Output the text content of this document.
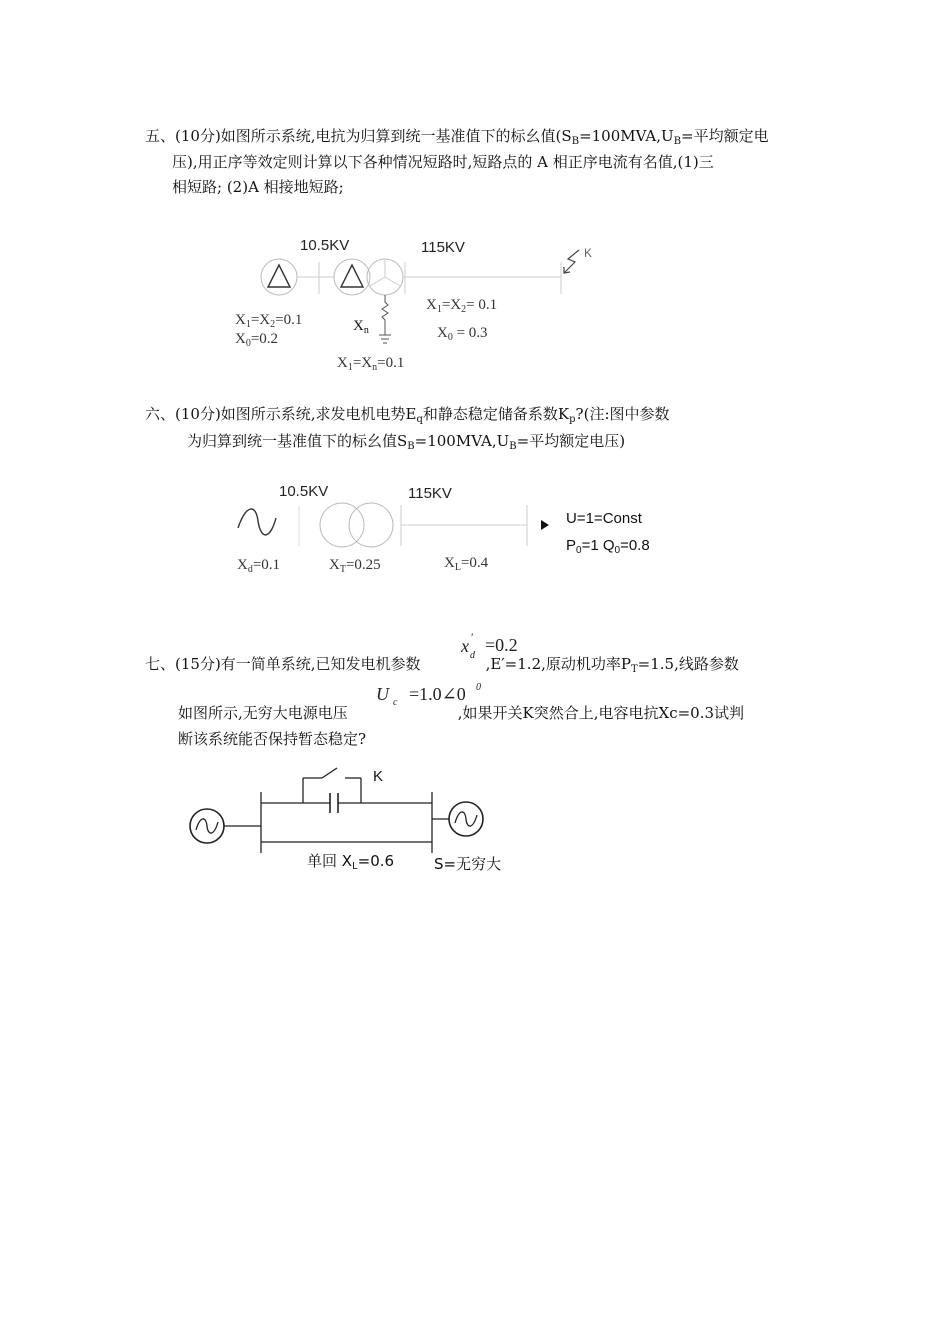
五、(10分)如图所示系统,电抗为归算到统一基准值下的标幺值($S_B=100MVA,U_B=$平均额定电
压),用正序等效定则计算以下各种情况短路时,短路点的 A 相正序电流有名值,(1)三
相短路; (2)A 相接地短路;
10.5KV	115KV	K
$X_1=X_2=0.1$
$X_0=0.2$
$X_n$
$X_1=X_n=0.1$
$X_1=X_2= 0.1$
$X_0 = 0.3$
六、(10分)如图所示系统,求发电机电势$E_q$和静态稳定储备系数$K_p$?(注:图中参数
为归算到统一基准值下的标幺值$S_B=100MVA,U_B=$平均额定电压)
10.5KV	115KV
U=1=Const
$P_0=1$ $Q_0=0.8$
$X_d=0.1$	$X_T=0.25$	$X_L=0.4$
x ′
d
=0.2
七、(15分)有一简单系统,已知发电机参数	,E′=1.2,原动机功率$P_T=1.5$,线路参数
U c =1.0∠0 0
如图所示,无穷大电源电压	,如果开关K突然合上,电容电抗Xc=0.3试判
断该系统能否保持暂态稳定?
K
单回 $X_L=0.6$	S=无穷大
